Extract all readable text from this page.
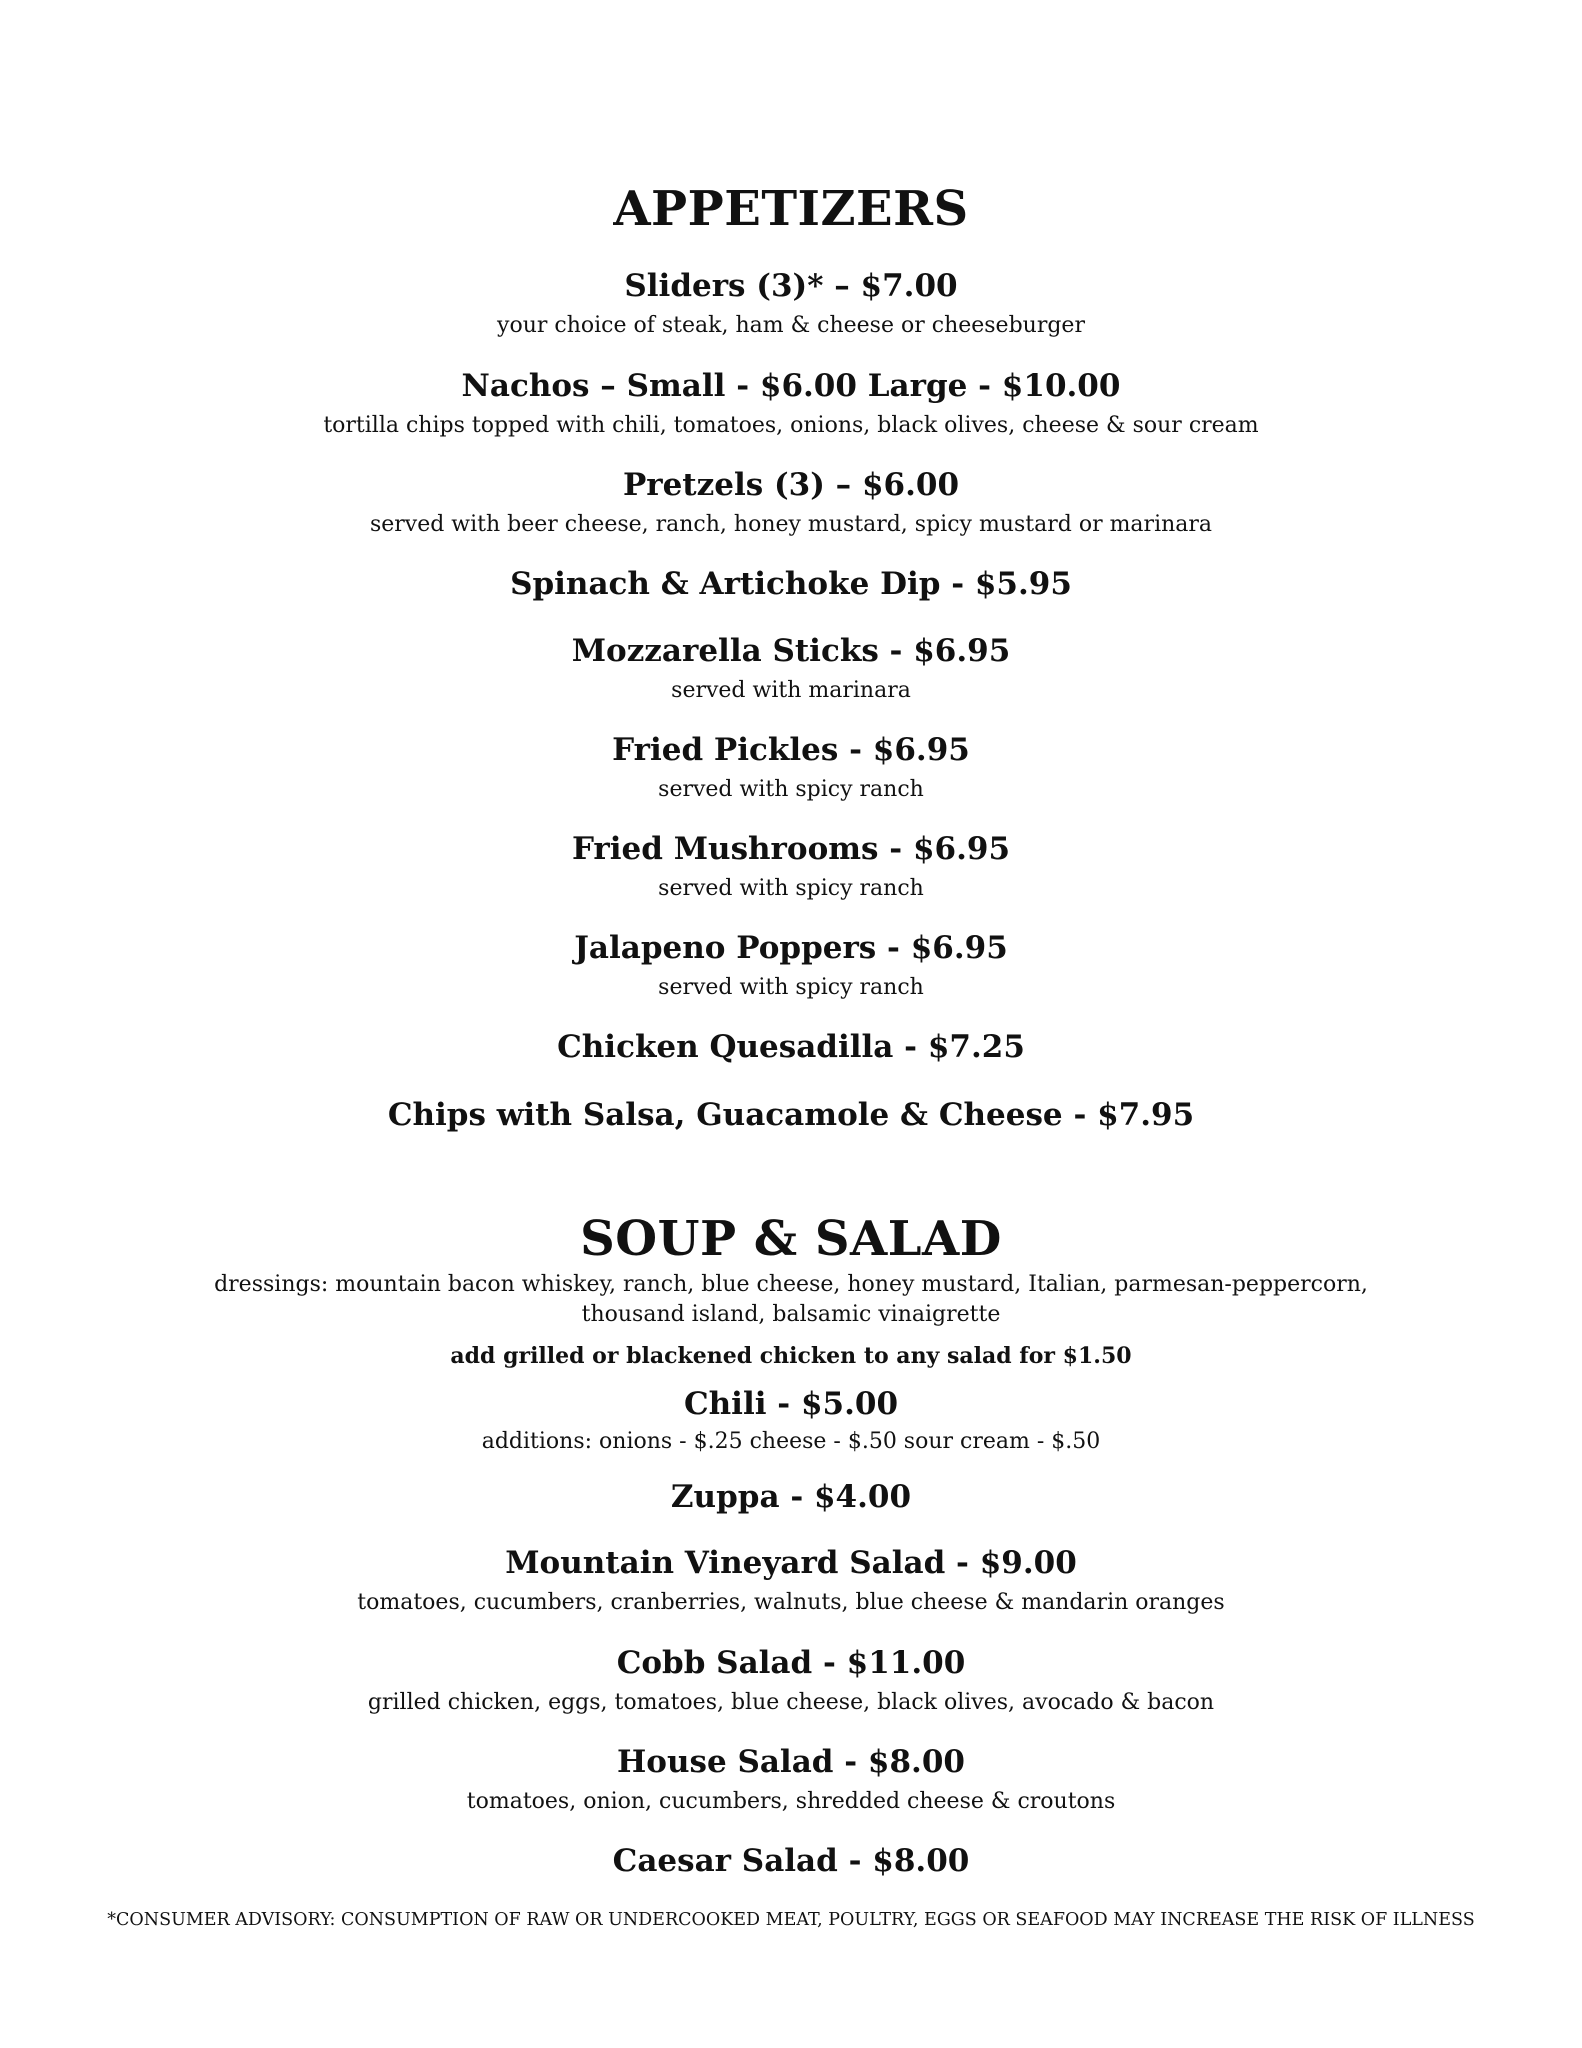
APPETIZERS
Sliders (3)* – $7.00
your choice of steak, ham & cheese or cheeseburger
Nachos – Small - $6.00 Large - $10.00
tortilla chips topped with chili, tomatoes, onions, black olives, cheese & sour cream
Pretzels (3) – $6.00
served with beer cheese, ranch, honey mustard, spicy mustard or marinara
Spinach & Artichoke Dip - $5.95
Mozzarella Sticks - $6.95
served with marinara
Fried Pickles - $6.95
served with spicy ranch
Fried Mushrooms - $6.95
served with spicy ranch
Jalapeno Poppers - $6.95
served with spicy ranch
Chicken Quesadilla - $7.25
Chips with Salsa, Guacamole & Cheese - $7.95
SOUP & SALAD
dressings: mountain bacon whiskey, ranch, blue cheese, honey mustard, Italian, parmesan-peppercorn,
thousand island, balsamic vinaigrette
add grilled or blackened chicken to any salad for $1.50
Chili - $5.00
additions: onions - $.25 cheese - $.50 sour cream - $.50
Zuppa - $4.00
Mountain Vineyard Salad - $9.00
tomatoes, cucumbers, cranberries, walnuts, blue cheese & mandarin oranges
Cobb Salad - $11.00
grilled chicken, eggs, tomatoes, blue cheese, black olives, avocado & bacon
House Salad - $8.00
tomatoes, onion, cucumbers, shredded cheese & croutons
Caesar Salad - $8.00
*CONSUMER ADVISORY: CONSUMPTION OF RAW OR UNDERCOOKED MEAT, POULTRY, EGGS OR SEAFOOD MAY INCREASE THE RISK OF ILLNESS
